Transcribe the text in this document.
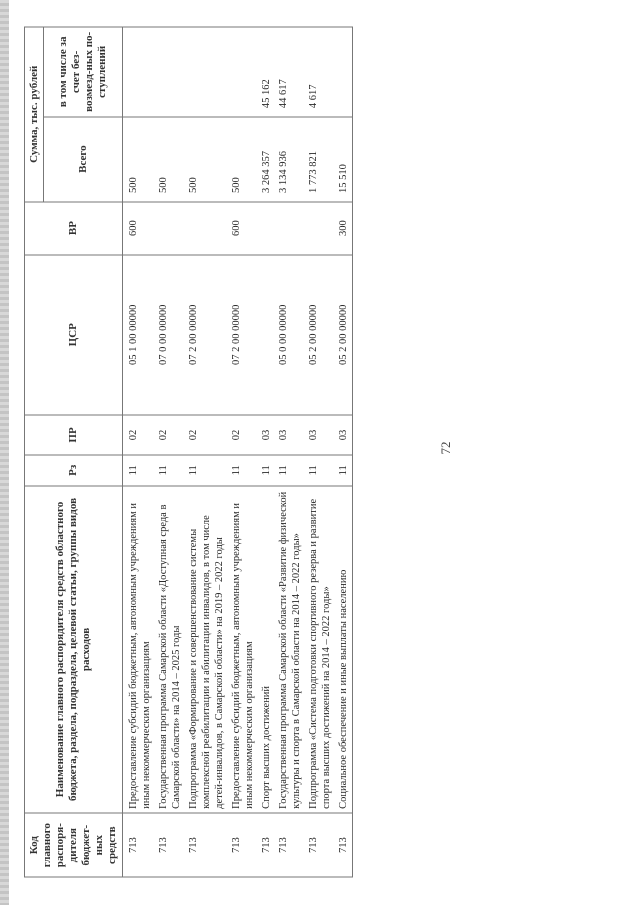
72
Код главного распоря-дителя бюджет-ных средств	Наименование главного распорядителя средств областного бюджета, раздела, подраздела, целевой статьи, группы видов расходов	Рз	ПР	ЦСР	ВР	Сумма, тыс. рублей	
						Всего	в том числе за счет без-возмезд-ных по-ступлений
713	Предоставление субсидий бюджетным, автономным учреждениям и иным некоммерческим организациям	11	02	05 1 00 00000	600	500	
713	Государственная программа Самарской области «Доступная среда в Самарской области» на 2014 – 2025 годы	11	02	07 0 00 00000		500	
713	Подпрограмма «Формирование и совершенствование системы комплексной реабилитации и абилитации инвалидов, в том числе детей-инвалидов, в Самарской области» на 2019 – 2022 годы	11	02	07 2 00 00000		500	
713	Предоставление субсидий бюджетным, автономным учреждениям и иным некоммерческим организациям	11	02	07 2 00 00000	600	500	
713	Спорт высших достижений	11	03			3 264 357	45 162
713	Государственная программа Самарской области «Развитие физической культуры и спорта в Самарской области на 2014 – 2022 годы»	11	03	05 0 00 00000		3 134 936	44 617
713	Подпрограмма «Система подготовки спортивного резерва и развитие спорта высших достижений на 2014 – 2022 годы»	11	03	05 2 00 00000		1 773 821	4 617
713	Социальное обеспечение и иные выплаты населению	11	03	05 2 00 00000	300	15 510	
